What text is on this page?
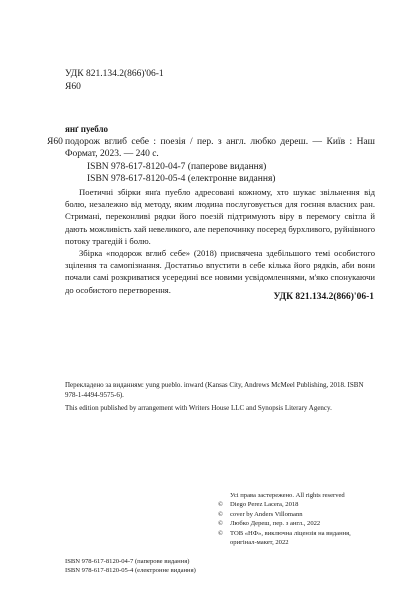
УДК 821.134.2(866)'06-1
Я60
Я60
янґ пуебло
подорож вглиб себе : поезія / пер. з англ. любко дереш. — Київ : Наш Формат, 2023. — 240 с.
ISBN 978-617-8120-04-7 (паперове видання)
ISBN 978-617-8120-05-4 (електронне видання)

Поетичні збірки янґа пуебло адресовані кожному, хто шукає звільнення від болю, незалежно від методу, яким людина послуговується для гоєння власних ран. Стримані, переконливі рядки його поезій підтримують віру в перемогу світла й дають можливість хай невеликого, але перепочинку посеред бурхливого, руйнівного потоку трагедій і болю.

Збірка «подорож вглиб себе» (2018) присвячена здебільшого темі особистого зцілення та самопізнання. Достатньо впустити в себе кілька його рядків, аби вони почали самі розкриватися усередині все новими усвідомленнями, м'яко спонукаючи до особистого перетворення.

УДК 821.134.2(866)'06-1

Перекладено за виданням: yung pueblo. inward (Kansas City, Andrews McMeel Publishing, 2018. ISBN 978-1-4494-9575-6).

This edition published by arrangement with Writers House LLC and Synopsis Literary Agency.

Усі права застережено. All rights reserved
©	Diego Perez Lacera, 2018
©	cover by Anders Villomann
©	Любко Дереш, пер. з англ., 2022
©	ТОВ «НФ», виключна ліцензія на видання,
оригінал-макет, 2022
ISBN 978-617-8120-04-7 (паперове видання)
ISBN 978-617-8120-05-4 (електронне видання)
